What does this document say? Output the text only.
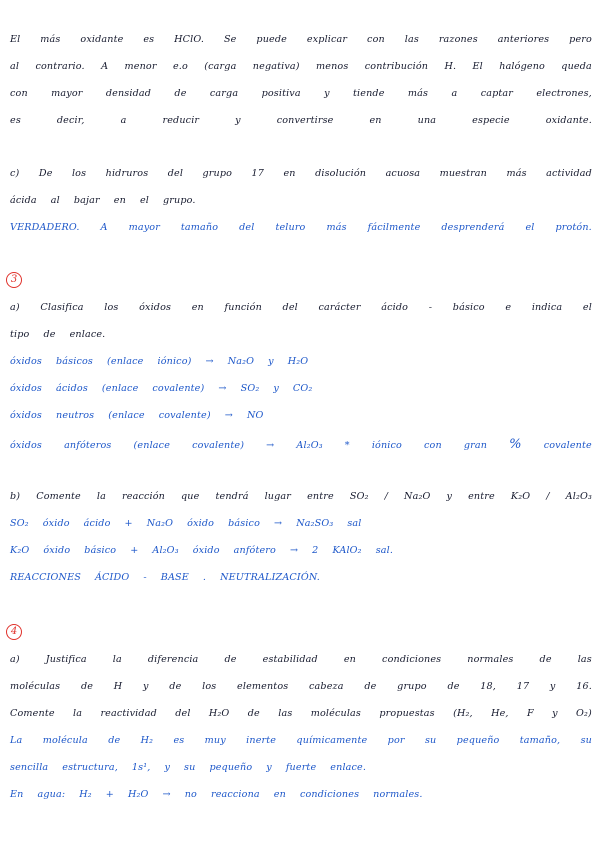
El más oxidante es HClO. Se puede explicar con las razones anteriores pero
al contrario. A menor e.o (carga negativa) menos contribución H. El halógeno queda
con mayor densidad de carga positiva y tiende más a captar electrones,
es	decir,	a	reducir	y	convertirse	en	una	especie	oxidante.
c) De los hidruros del grupo 17 en disolución acuosa muestran más actividad
ácida al bajar en el grupo.
VERDADERO. A mayor tamaño del teluro más fácilmente desprenderá el protón.
a) Clasifica los óxidos en función del carácter ácido - básico e indica el
tipo de enlace.
óxidos básicos (enlace iónico) → Na₂O y H₂O
óxidos ácidos (enlace covalente) → SO₂ y CO₂
óxidos neutros (enlace covalente) → NO
óxidos anfóteros (enlace covalente) → Al₂O₃ * iónico con gran % covalente
b) Comente la reacción que tendrá lugar entre SO₂ / Na₂O y entre K₂O / Al₂O₃
SO₂ óxido ácido + Na₂O óxido básico → Na₂SO₃ sal
K₂O óxido básico + Al₂O₃ óxido anfótero → 2 KAlO₂ sal.
REACCIONES ÁCIDO - BASE . NEUTRALIZACIÓN.
a)	Justifica	la	diferencia	de	estabilidad	en	condiciones	normales	de	las
moléculas de H y de los elementos cabeza de grupo de 18, 17 y 16.
Comente la reactividad del H₂O de las moléculas propuestas (H₂, He, F y O₂)
La molécula de H₂ es muy inerte químicamente por su pequeño tamaño, su
sencilla estructura, 1s¹, y su pequeño y fuerte enlace.
En agua: H₂ + H₂O → no reacciona en condiciones normales.
3
4
